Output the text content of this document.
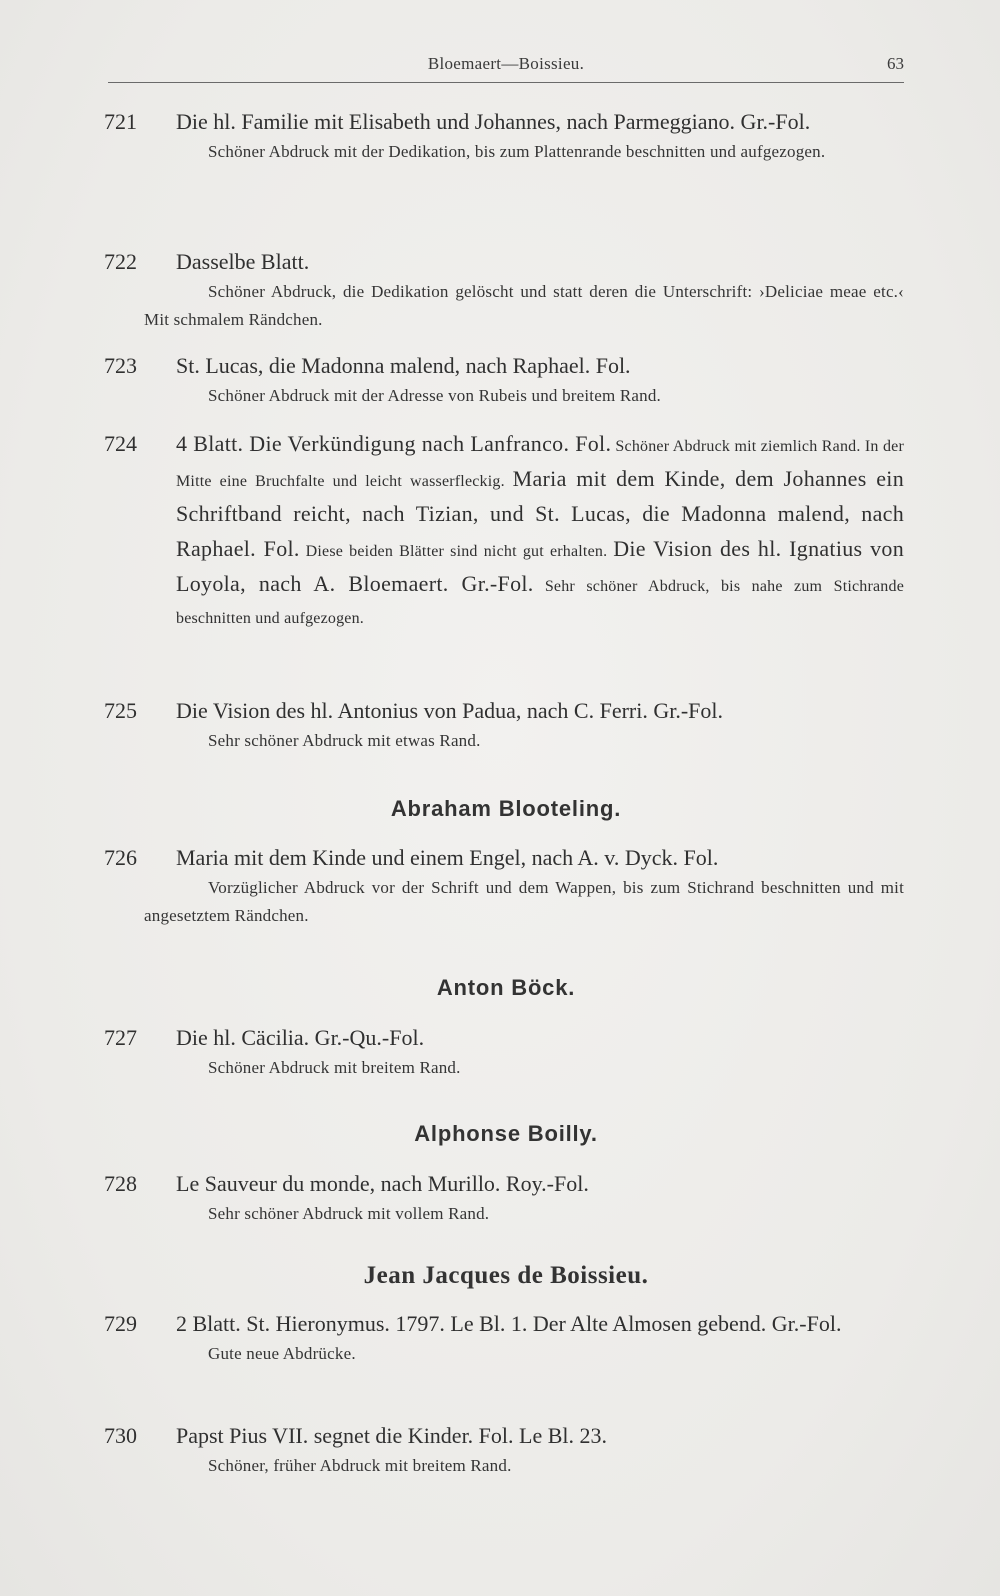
Bloemaert—Boissieu.	63
721	Die hl. Familie mit Elisabeth und Johannes, nach Parmeggiano. Gr.-Fol.
Schöner Abdruck mit der Dedikation, bis zum Plattenrande beschnitten und aufgezogen.
722	Dasselbe Blatt.
Schöner Abdruck, die Dedikation gelöscht und statt deren die Unterschrift: ›Deliciae meae etc.‹ Mit schmalem Rändchen.
723	St. Lucas, die Madonna malend, nach Raphael. Fol.
Schöner Abdruck mit der Adresse von Rubeis und breitem Rand.
724	4 Blatt. Die Verkündigung nach Lanfranco. Fol. Schöner Abdruck mit ziemlich Rand. In der Mitte eine Bruchfalte und leicht wasserfleckig. Maria mit dem Kinde, dem Johannes ein Schriftband reicht, nach Tizian, und St. Lucas, die Madonna malend, nach Raphael. Fol. Diese beiden Blätter sind nicht gut erhalten. Die Vision des hl. Ignatius von Loyola, nach A. Bloemaert. Gr.-Fol. Sehr schöner Abdruck, bis nahe zum Stichrande beschnitten und aufgezogen.

725	Die Vision des hl. Antonius von Padua, nach C. Ferri. Gr.-Fol.
Sehr schöner Abdruck mit etwas Rand.
Abraham Blooteling.
726	Maria mit dem Kinde und einem Engel, nach A. v. Dyck. Fol.
Vorzüglicher Abdruck vor der Schrift und dem Wappen, bis zum Stichrand beschnitten und mit angesetztem Rändchen.
Anton Böck.
727	Die hl. Cäcilia. Gr.-Qu.-Fol.
Schöner Abdruck mit breitem Rand.
Alphonse Boilly.
728	Le Sauveur du monde, nach Murillo. Roy.-Fol.
Sehr schöner Abdruck mit vollem Rand.
Jean Jacques de Boissieu.
729	2 Blatt. St. Hieronymus. 1797. Le Bl. 1. Der Alte Almosen gebend. Gr.-Fol.
Gute neue Abdrücke.
730	Papst Pius VII. segnet die Kinder. Fol. Le Bl. 23.
Schöner, früher Abdruck mit breitem Rand.
